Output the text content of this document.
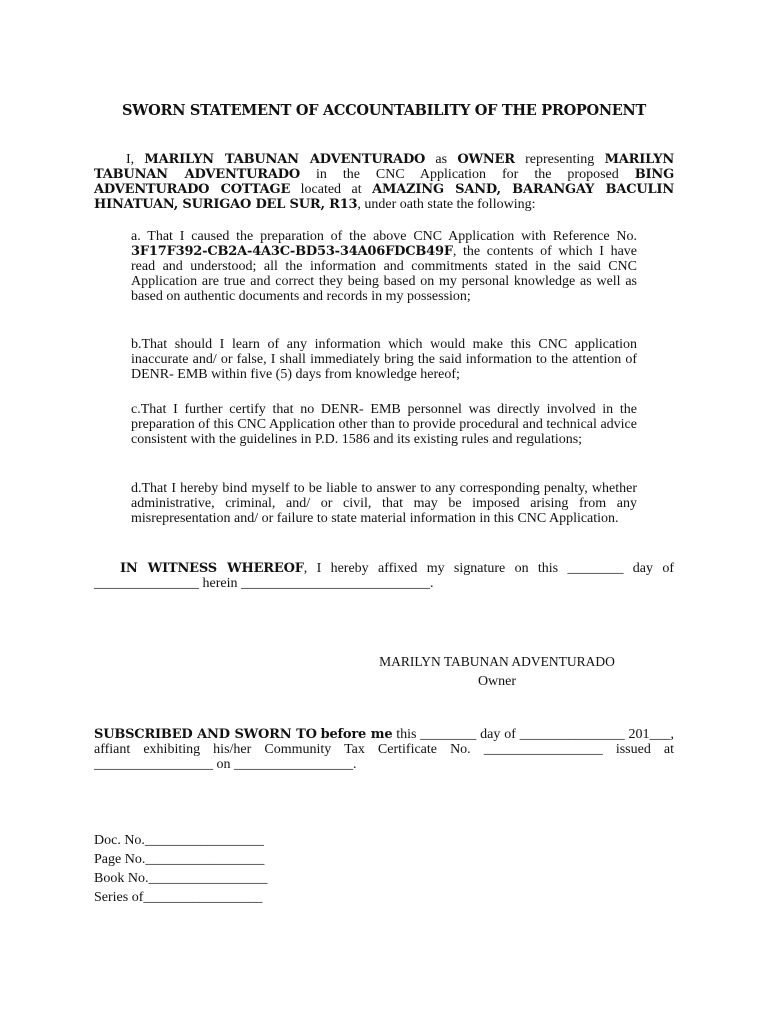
SWORN STATEMENT OF ACCOUNTABILITY OF THE PROPONENT
I, MARILYN TABUNAN ADVENTURADO as OWNER representing MARILYN TABUNAN ADVENTURADO in the CNC Application for the proposed BING ADVENTURADO COTTAGE located at AMAZING SAND, BARANGAY BACULIN HINATUAN, SURIGAO DEL SUR, R13, under oath state the following:
a. That I caused the preparation of the above CNC Application with Reference No. 3F17F392-CB2A-4A3C-BD53-34A06FDCB49F, the contents of which I have read and understood; all the information and commitments stated in the said CNC Application are true and correct they being based on my personal knowledge as well as based on authentic documents and records in my possession;
b.That should I learn of any information which would make this CNC application inaccurate and/ or false, I shall immediately bring the said information to the attention of DENR- EMB within five (5) days from knowledge hereof;
c.That I further certify that no DENR- EMB personnel was directly involved in the preparation of this CNC Application other than to provide procedural and technical advice consistent with the guidelines in P.D. 1586 and its existing rules and regulations;
d.That I hereby bind myself to be liable to answer to any corresponding penalty, whether administrative, criminal, and/ or civil, that may be imposed arising from any misrepresentation and/ or failure to state material information in this CNC Application.
IN WITNESS WHEREOF, I hereby affixed my signature on this ________ day of _______________ herein ___________________________.
MARILYN TABUNAN ADVENTURADO
Owner
SUBSCRIBED AND SWORN TO before me this ________ day of _______________ 201___, affiant exhibiting his/her Community Tax Certificate No. _________________ issued at _________________ on _________________.
Doc. No._________________
Page No._________________
Book No._________________
Series of_________________
